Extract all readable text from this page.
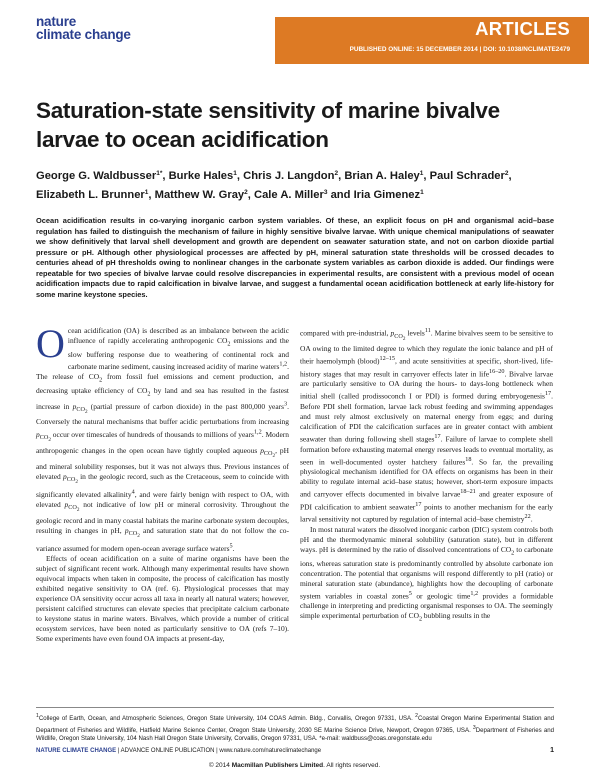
nature
climate change	ARTICLES
PUBLISHED ONLINE: 15 DECEMBER 2014 | DOI: 10.1038/NCLIMATE2479
Saturation-state sensitivity of marine bivalve larvae to ocean acidification
George G. Waldbusser$^{1*}$, Burke Hales$^1$, Chris J. Langdon$^2$, Brian A. Haley$^1$, Paul Schrader$^2$, Elizabeth L. Brunner$^1$, Matthew W. Gray$^2$, Cale A. Miller$^3$ and Iria Gimenez$^1$
Ocean acidification results in co-varying inorganic carbon system variables. Of these, an explicit focus on pH and organismal acid–base regulation has failed to distinguish the mechanism of failure in highly sensitive bivalve larvae. With unique chemical manipulations of seawater we show definitively that larval shell development and growth are dependent on seawater saturation state, and not on carbon dioxide partial pressure or pH. Although other physiological processes are affected by pH, mineral saturation state thresholds will be crossed decades to centuries ahead of pH thresholds owing to nonlinear changes in the carbonate system variables as carbon dioxide is added. Our findings were repeatable for two species of bivalve larvae could resolve discrepancies in experimental results, are consistent with a previous model of ocean acidification impacts due to rapid calcification in bivalve larvae, and suggest a fundamental ocean acidification bottleneck at early life-history for some marine keystone species.

Ocean acidification (OA) is described as an imbalance between the acidic influence of rapidly accelerating anthropogenic $CO_2$ emissions and the slow buffering response due to weathering of continental rock and carbonate marine sediment, causing increased acidity of marine waters$^{1,2}$. The release of $CO_2$ from fossil fuel emissions and cement production, and decreasing uptake efficiency of $CO_2$ by land and sea has resulted in the fastest increase in $p_{CO_2}$ (partial pressure of carbon dioxide) in the past 800,000 years$^3$. Conversely the natural mechanisms that buffer acidic perturbations from increasing $p_{CO_2}$ occur over timescales of hundreds of thousands to millions of years$^{1,2}$. Modern anthropogenic changes in the open ocean have tightly coupled aqueous $p_{CO_2}$, pH and mineral solubility responses, but it was not always thus. Previous instances of elevated $p_{CO_2}$ in the geologic record, such as the Cretaceous, seem to coincide with significantly elevated alkalinity$^4$, and were fairly benign with respect to OA, with elevated $p_{CO_2}$ not indicative of low pH or mineral corrosivity. Throughout the geologic record and in many coastal habitats the marine carbonate system decouples, resulting in changes in pH, $p_{CO_2}$ and saturation state that do not follow the co-variance assumed for modern open-ocean average surface waters$^5$.

Effects of ocean acidification on a suite of marine organisms have been the subject of significant recent work. Although many experimental results have shown equivocal impacts when taken in composite, the process of calcification has mostly exhibited negative sensitivity to OA (ref. 6). Physiological processes that may experience OA sensitivity occur across all taxa in nearly all natural waters; however, persistent calcified structures can elevate species that precipitate calcium carbonate to keystone status in marine waters. Bivalves, which provide a number of critical ecosystem services, have been noted as particularly sensitive to OA (refs 7–10). Some experiments have even found OA impacts at present-day,

compared with pre-industrial, $p_{CO_2}$ levels$^{11}$. Marine bivalves seem to be sensitive to OA owing to the limited degree to which they regulate the ionic balance and pH of their haemolymph (blood)$^{12-15}$, and acute sensitivities at specific, short-lived, life-history stages that may result in carryover effects later in life$^{16-20}$. Bivalve larvae are particularly sensitive to OA during the hours- to days-long bottleneck when initial shell (called prodissoconch I or PDI) is formed during embryogenesis$^{17}$. Before PDI shell formation, larvae lack robust feeding and swimming appendages and must rely almost exclusively on maternal energy from eggs; and during calcification of PDI the calcification surfaces are in greater contact with ambient seawater than during following shell stages$^{17}$. Failure of larvae to complete shell formation before exhausting maternal energy reserves leads to eventual mortality, as seen in well-documented oyster hatchery failures$^{18}$. So far, the prevailing physiological mechanism identified for OA effects on organisms has been in their ability to regulate internal acid–base status; however, short-term exposure impacts and carryover effects documented in bivalve larvae$^{18-21}$ and greater exposure of PDI calcification to ambient seawater$^{17}$ points to another mechanism for the early larval sensitivity not captured by regulation of internal acid–base chemistry$^{22}$.

In most natural waters the dissolved inorganic carbon (DIC) system controls both pH and the thermodynamic mineral solubility (saturation state), but in different ways. pH is determined by the ratio of dissolved concentrations of $CO_2$ to carbonate ions, whereas saturation state is predominantly controlled by absolute carbonate ion concentration. The potential that organisms will respond differently to pH (ratio) or mineral saturation state (abundance), highlights how the decoupling of carbonate system variables in coastal zones$^5$ or geologic time$^{1,2}$ provides a formidable challenge in interpreting and predicting organismal responses to OA. The seemingly simple experimental perturbation of $CO_2$ bubbling results in the

$^1$College of Earth, Ocean, and Atmospheric Sciences, Oregon State University, 104 COAS Admin. Bldg., Corvallis, Oregon 97331, USA. $^2$Coastal Oregon Marine Experimental Station and Department of Fisheries and Wildlife, Hatfield Marine Science Center, Oregon State University, 2030 SE Marine Science Drive, Newport, Oregon 97365, USA. $^3$Department of Fisheries and Wildlife, Oregon State University, 104 Nash Hall Oregon State University, Corvallis, Oregon 97331, USA. *e-mail: waldbuss@coas.oregonstate.edu
NATURE CLIMATE CHANGE | ADVANCE ONLINE PUBLICATION | www.nature.com/natureclimatechange	1
© 2014 Macmillan Publishers Limited. All rights reserved.
